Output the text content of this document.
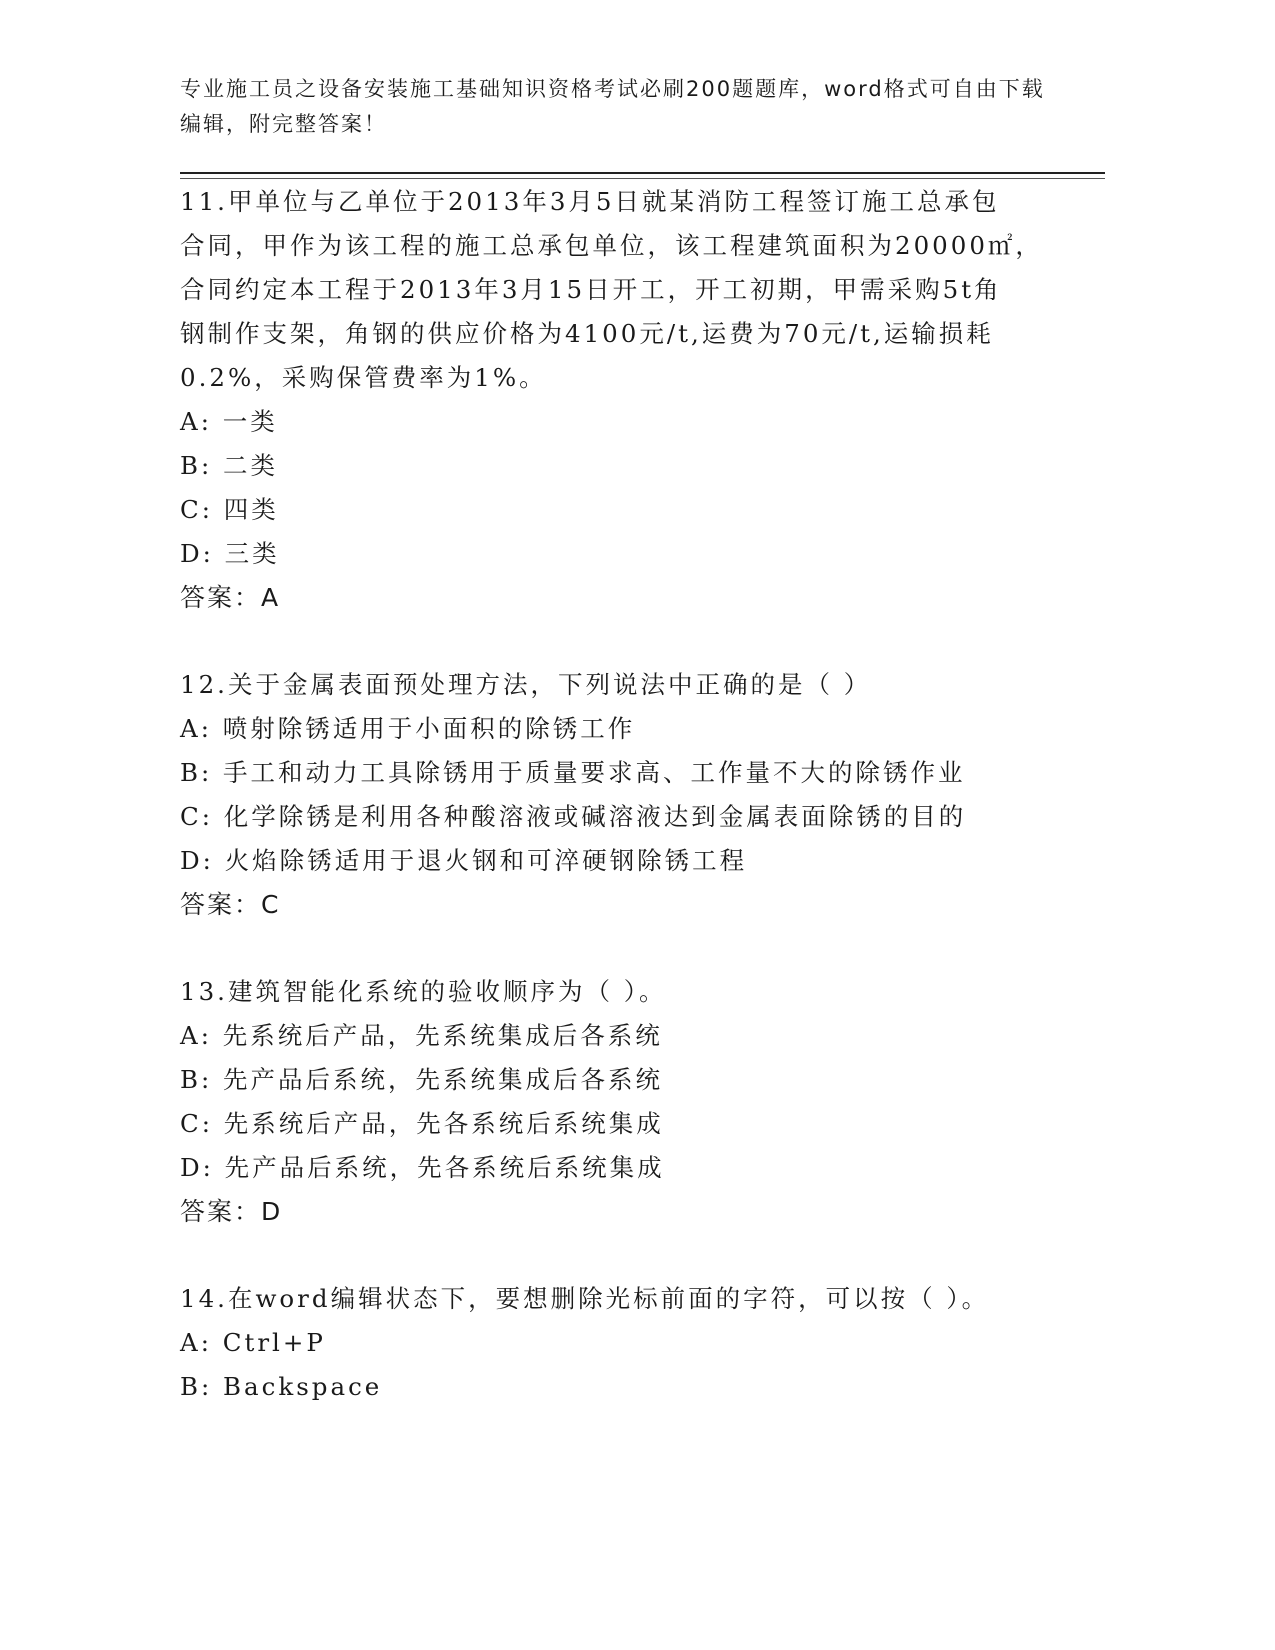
专业施工员之设备安装施工基础知识资格考试必刷200题题库，word格式可自由下载编辑，附完整答案！

11.甲单位与乙单位于2013年3月5日就某消防工程签订施工总承包
合同，甲作为该工程的施工总承包单位，该工程建筑面积为20000㎡，
合同约定本工程于2013年3月15日开工，开工初期，甲需采购5t角
钢制作支架，角钢的供应价格为4100元/t,运费为70元/t,运输损耗
0.2%，采购保管费率为1%。

A: 一类

B: 二类

C: 四类

D: 三类

答案：A

12.关于金属表面预处理方法，下列说法中正确的是（ ）

A: 喷射除锈适用于小面积的除锈工作

B: 手工和动力工具除锈用于质量要求高、工作量不大的除锈作业

C: 化学除锈是利用各种酸溶液或碱溶液达到金属表面除锈的目的

D: 火焰除锈适用于退火钢和可淬硬钢除锈工程

答案：C

13.建筑智能化系统的验收顺序为（ ）。

A: 先系统后产品，先系统集成后各系统

B: 先产品后系统，先系统集成后各系统

C: 先系统后产品，先各系统后系统集成

D: 先产品后系统，先各系统后系统集成

答案：D

14.在word编辑状态下，要想删除光标前面的字符，可以按（ ）。

A: Ctrl+P

B: Backspace
